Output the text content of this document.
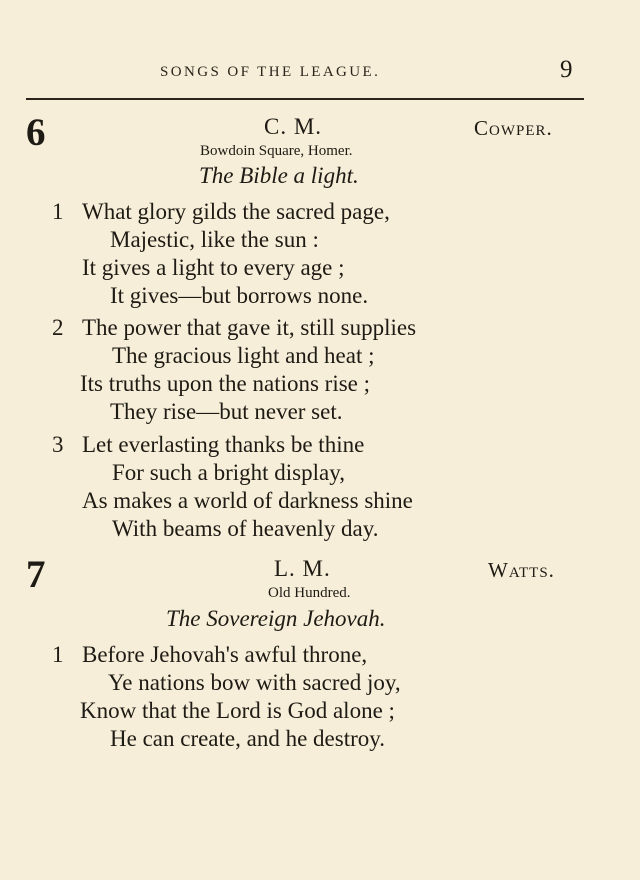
SONGS OF THE LEAGUE.	9
6	C. M.	Cowper.
Bowdoin Square, Homer.
The Bible a light.
1 What glory gilds the sacred page,
Majestic, like the sun :
It gives a light to every age ;
It gives—but borrows none.
2 The power that gave it, still supplies
The gracious light and heat ;
Its truths upon the nations rise ;
They rise—but never set.
3 Let everlasting thanks be thine
For such a bright display,
As makes a world of darkness shine
With beams of heavenly day.
7	L. M.	Watts.
Old Hundred.
The Sovereign Jehovah.
1 Before Jehovah's awful throne,
Ye nations bow with sacred joy,
Know that the Lord is God alone ;
He can create, and he destroy.
